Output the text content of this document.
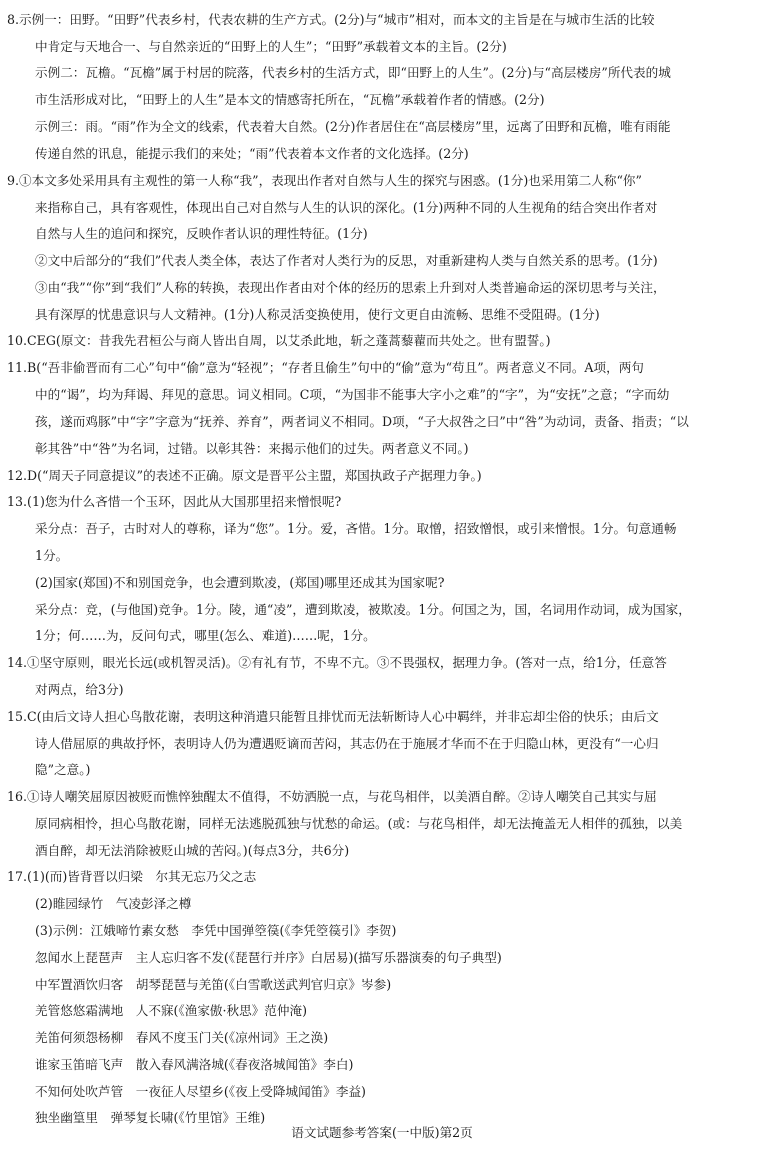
8.示例一：田野。“田野”代表乡村，代表农耕的生产方式。(2分)与“城市”相对，而本文的主旨是在与城市生活的比较
中肯定与天地合一、与自然亲近的“田野上的人生”；“田野”承载着文本的主旨。(2分)
示例二：瓦檐。“瓦檐”属于村居的院落，代表乡村的生活方式，即“田野上的人生”。(2分)与“高层楼房”所代表的城
市生活形成对比，“田野上的人生”是本文的情感寄托所在，“瓦檐”承载着作者的情感。(2分)
示例三：雨。“雨”作为全文的线索，代表着大自然。(2分)作者居住在“高层楼房”里，远离了田野和瓦檐，唯有雨能
传递自然的讯息，能提示我们的来处；“雨”代表着本文作者的文化选择。(2分)
9.①本文多处采用具有主观性的第一人称“我”，表现出作者对自然与人生的探究与困惑。(1分)也采用第二人称“你”
来指称自己，具有客观性，体现出自己对自然与人生的认识的深化。(1分)两种不同的人生视角的结合突出作者对
自然与人生的追问和探究，反映作者认识的理性特征。(1分)
②文中后部分的“我们”代表人类全体，表达了作者对人类行为的反思，对重新建构人类与自然关系的思考。(1分)
③由“我”“你”到“我们”人称的转换，表现出作者由对个体的经历的思索上升到对人类普遍命运的深切思考与关注，
具有深厚的忧患意识与人文精神。(1分)人称灵活变换使用，使行文更自由流畅、思维不受阻碍。(1分)
10.CEG(原文：昔我先君桓公与商人皆出自周，以艾杀此地，斩之蓬蒿藜藋而共处之。世有盟誓。)
11.B(“吾非偷晋而有二心”句中“偷”意为“轻视”；“存者且偷生”句中的“偷”意为“苟且”。两者意义不同。A项，两句
中的“谒”，均为拜谒、拜见的意思。词义相同。C项，“为国非不能事大字小之难”的“字”，为“安抚”之意；“字而幼
孩，遂而鸡豚”中“字”字意为“抚养、养育”，两者词义不相同。D项，“子大叔咎之曰”中“咎”为动词，责备、指责；“以
彰其咎”中“咎”为名词，过错。以彰其咎：来揭示他们的过失。两者意义不同。)
12.D(“周天子同意提议”的表述不正确。原文是晋平公主盟，郑国执政子产据理力争。)
13.(1)您为什么吝惜一个玉环，因此从大国那里招来憎恨呢?
采分点：吾子，古时对人的尊称，译为“您”。1分。爱，吝惜。1分。取憎，招致憎恨，或引来憎恨。1分。句意通畅
1分。
(2)国家(郑国)不和别国竞争，也会遭到欺凌，(郑国)哪里还成其为国家呢?
采分点：竞，(与他国)竞争。1分。陵，通“凌”，遭到欺凌，被欺凌。1分。何国之为，国，名词用作动词，成为国家，
1分；何……为，反问句式，哪里(怎么、难道)……呢，1分。
14.①坚守原则，眼光长远(或机智灵活)。②有礼有节，不卑不亢。③不畏强权，据理力争。(答对一点，给1分，任意答
对两点，给3分)
15.C(由后文诗人担心鸟散花谢，表明这种消遣只能暂且排忧而无法斩断诗人心中羁绊，并非忘却尘俗的快乐；由后文
诗人借屈原的典故抒怀，表明诗人仍为遭遇贬谪而苦闷，其志仍在于施展才华而不在于归隐山林，更没有“一心归
隐”之意。)
16.①诗人嘲笑屈原因被贬而憔悴独醒太不值得，不妨洒脱一点，与花鸟相伴，以美酒自醉。②诗人嘲笑自己其实与屈
原同病相怜，担心鸟散花谢，同样无法逃脱孤独与忧愁的命运。(或：与花鸟相伴，却无法掩盖无人相伴的孤独，以美
酒自醉，却无法消除被贬山城的苦闷。)(每点3分，共6分)
17.(1)(而)皆背晋以归梁　尔其无忘乃父之志
(2)睢园绿竹　气凌彭泽之樽
(3)示例：江娥啼竹素女愁　李凭中国弹箜篌(《李凭箜篌引》李贺)
忽闻水上琵琶声　主人忘归客不发(《琵琶行并序》白居易)(描写乐器演奏的句子典型)
中军置酒饮归客　胡琴琵琶与羌笛(《白雪歌送武判官归京》岑参)
羌管悠悠霜满地　人不寐(《渔家傲·秋思》范仲淹)
羌笛何须怨杨柳　春风不度玉门关(《凉州词》王之涣)
谁家玉笛暗飞声　散入春风满洛城(《春夜洛城闻笛》李白)
不知何处吹芦管　一夜征人尽望乡(《夜上受降城闻笛》李益)
独坐幽篁里　弹琴复长啸(《竹里馆》王维)
语文试题参考答案(一中版)第2页
